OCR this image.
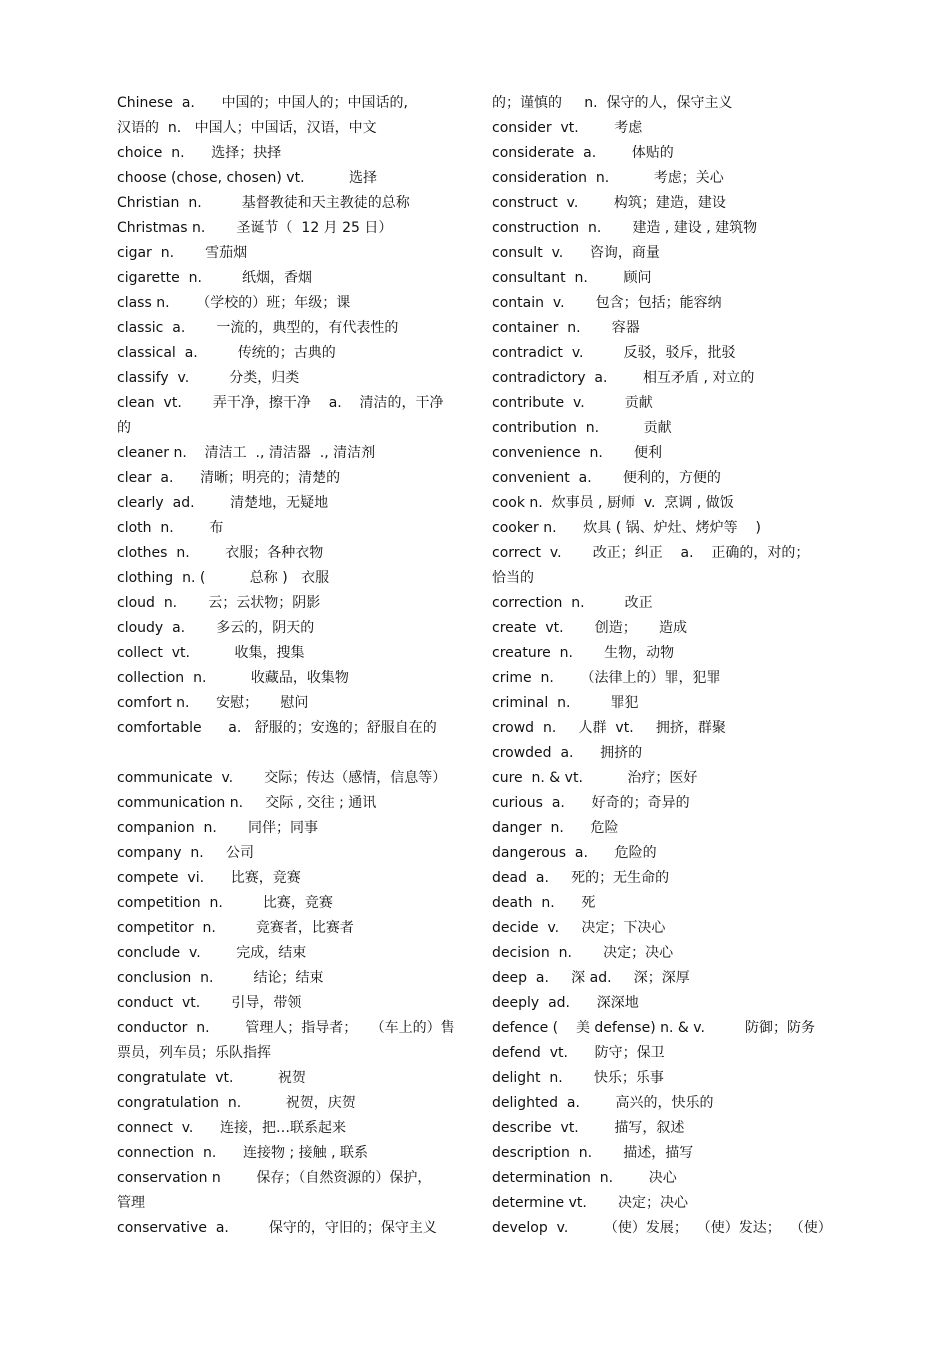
Chinese  a.      中国的；中国人的；中国话的,
汉语的  n.   中国人；中国话，汉语，中文
choice  n.      选择；抉择
choose (chose, chosen) vt.          选择
Christian  n.         基督教徒和天主教徒的总称
Christmas n.       圣诞节（  12 月 25 日）
cigar  n.       雪茄烟
cigarette  n.         纸烟，香烟
class n.      （学校的）班；年级；课
classic  a.       一流的，典型的，有代表性的
classical  a.         传统的；古典的
classify  v.         分类，归类
clean  vt.       弄干净，擦干净    a.    清洁的，干净
的
cleaner n.    清洁工  ., 清洁器  ., 清洁剂
clear  a.      清晰；明亮的；清楚的
clearly  ad.        清楚地，无疑地
cloth  n.        布
clothes  n.        衣服；各种衣物
clothing  n. (          总称 )   衣服
cloud  n.       云；云状物；阴影
cloudy  a.       多云的，阴天的
collect  vt.          收集，搜集
collection  n.          收藏品，收集物
comfort n.      安慰；     慰问
comfortable      a.   舒服的；安逸的；舒服自在的
communicate  v.       交际；传达（感情，信息等）
communication n.     交际 , 交往 ; 通讯
companion  n.       同伴；同事
company  n.     公司
compete  vi.      比赛，竞赛
competition  n.         比赛，竞赛
competitor  n.         竞赛者，比赛者
conclude  v.        完成，结束
conclusion  n.         结论；结束
conduct  vt.       引导，带领
conductor  n.        管理人；指导者；   （车上的）售
票员，列车员；乐队指挥
congratulate  vt.          祝贺
congratulation  n.          祝贺，庆贺
connect  v.      连接，把…联系起来
connection  n.      连接物 ; 接触 , 联系
conservation n        保存；（自然资源的）保护，
管理
conservative  a.         保守的，守旧的；保守主义
的；谨慎的     n.  保守的人，保守主义
consider  vt.        考虑
considerate  a.        体贴的
consideration  n.          考虑；关心
construct  v.        构筑；建造，建设
construction  n.       建造 , 建设 , 建筑物
consult  v.      咨询，商量
consultant  n.        顾问
contain  v.       包含；包括；能容纳
container  n.       容器
contradict  v.         反驳，驳斥，批驳
contradictory  a.        相互矛盾 , 对立的
contribute  v.         贡献
contribution  n.          贡献
convenience  n.       便利
convenient  a.       便利的，方便的
cook n.  炊事员 , 厨师  v.  烹调 , 做饭
cooker n.      炊具 ( 锅、炉灶、烤炉等    )
correct  v.       改正；纠正    a.    正确的，对的；
恰当的
correction  n.         改正
create  vt.       创造；     造成
creature  n.       生物，动物
crime  n.      （法律上的）罪，犯罪
criminal  n.         罪犯
crowd  n.     人群  vt.     拥挤，群聚
crowded  a.      拥挤的
cure  n. & vt.          治疗；医好
curious  a.      好奇的；奇异的
danger  n.      危险
dangerous  a.      危险的
dead  a.     死的；无生命的
death  n.      死
decide  v.     决定；下决心
decision  n.       决定；决心
deep  a.     深 ad.     深；深厚
deeply  ad.      深深地
defence (    美 defense) n. & v.         防御；防务
defend  vt.      防守；保卫
delight  n.       快乐；乐事
delighted  a.        高兴的，快乐的
describe  vt.        描写，叙述
description  n.       描述，描写
determination  n.        决心
determine vt.       决定；决心
develop  v.        （使）发展；  （使）发达；  （使）
